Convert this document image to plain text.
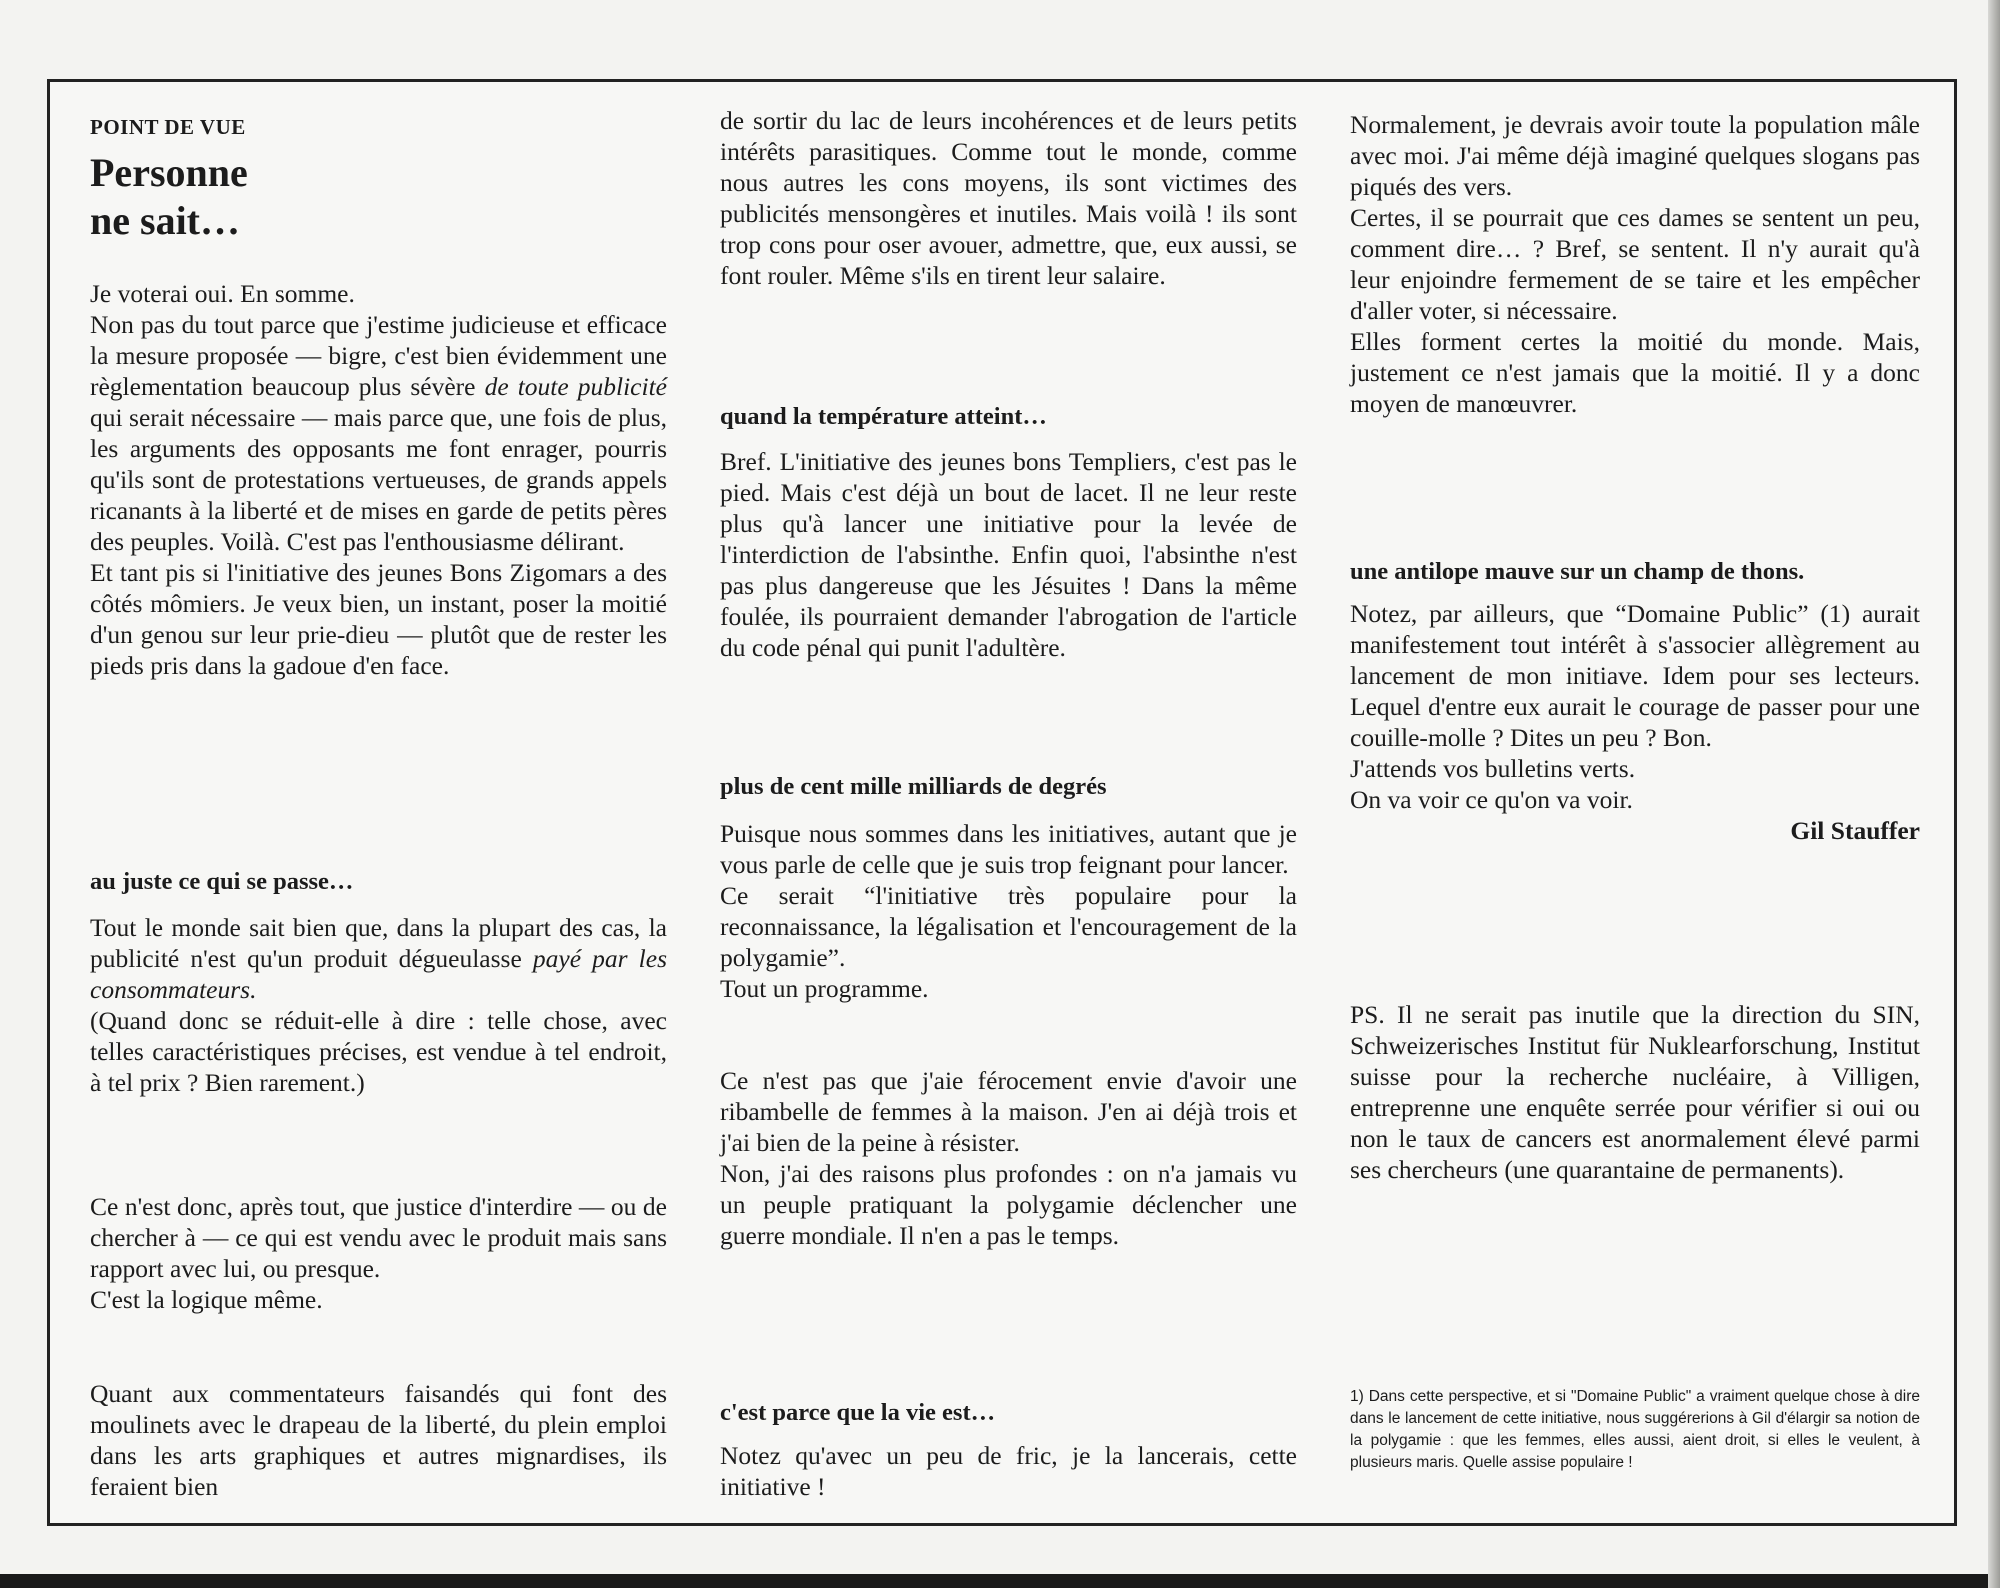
POINT DE VUE

Personne
ne sait…

Je voterai oui. En somme.

Non pas du tout parce que j'estime judicieuse et efficace la mesure proposée — bigre, c'est bien évidemment une règlementation beaucoup plus sévère de toute publicité qui serait nécessaire — mais parce que, une fois de plus, les arguments des opposants me font enrager, pourris qu'ils sont de protestations vertueuses, de grands appels ricanants à la liberté et de mises en garde de petits pères des peuples. Voilà. C'est pas l'enthousiasme délirant.

Et tant pis si l'initiative des jeunes Bons Zigomars a des côtés mômiers. Je veux bien, un instant, poser la moitié d'un genou sur leur prie-dieu — plutôt que de rester les pieds pris dans la gadoue d'en face.

au juste ce qui se passe…

Tout le monde sait bien que, dans la plupart des cas, la publicité n'est qu'un produit dégueulasse payé par les consommateurs.

(Quand donc se réduit-elle à dire : telle chose, avec telles caractéristiques précises, est vendue à tel endroit, à tel prix ? Bien rarement.)

Ce n'est donc, après tout, que justice d'interdire — ou de chercher à — ce qui est vendu avec le produit mais sans rapport avec lui, ou presque.

C'est la logique même.

Quant aux commentateurs faisandés qui font des moulinets avec le drapeau de la liberté, du plein emploi dans les arts graphiques et autres mignardises, ils feraient bien

de sortir du lac de leurs incohérences et de leurs petits intérêts parasitiques. Comme tout le monde, comme nous autres les cons moyens, ils sont victimes des publicités mensongères et inutiles. Mais voilà ! ils sont trop cons pour oser avouer, admettre, que, eux aussi, se font rouler. Même s'ils en tirent leur salaire.

quand la température atteint…

Bref. L'initiative des jeunes bons Templiers, c'est pas le pied. Mais c'est déjà un bout de lacet. Il ne leur reste plus qu'à lancer une initiative pour la levée de l'interdiction de l'absinthe. Enfin quoi, l'absinthe n'est pas plus dangereuse que les Jésuites ! Dans la même foulée, ils pourraient demander l'abrogation de l'article du code pénal qui punit l'adultère.

plus de cent mille milliards de degrés

Puisque nous sommes dans les initiatives, autant que je vous parle de celle que je suis trop feignant pour lancer.

Ce serait “l'initiative très populaire pour la reconnaissance, la légalisation et l'encouragement de la polygamie”.

Tout un programme.

Ce n'est pas que j'aie férocement envie d'avoir une ribambelle de femmes à la maison. J'en ai déjà trois et j'ai bien de la peine à résister.

Non, j'ai des raisons plus profondes : on n'a jamais vu un peuple pratiquant la polygamie déclencher une guerre mondiale. Il n'en a pas le temps.

c'est parce que la vie est…

Notez qu'avec un peu de fric, je la lancerais, cette initiative !

Normalement, je devrais avoir toute la population mâle avec moi. J'ai même déjà imaginé quelques slogans pas piqués des vers.

Certes, il se pourrait que ces dames se sentent un peu, comment dire… ? Bref, se sentent. Il n'y aurait qu'à leur enjoindre fermement de se taire et les empêcher d'aller voter, si nécessaire.

Elles forment certes la moitié du monde. Mais, justement ce n'est jamais que la moitié. Il y a donc moyen de manœuvrer.

une antilope mauve sur un champ de thons.

Notez, par ailleurs, que “Domaine Public” (1) aurait manifestement tout intérêt à s'associer allègrement au lancement de mon initiave. Idem pour ses lecteurs. Lequel d'entre eux aurait le courage de passer pour une couille-molle ? Dites un peu ? Bon.

J'attends vos bulletins verts.

On va voir ce qu'on va voir.

Gil Stauffer

PS. Il ne serait pas inutile que la direction du SIN, Schweizerisches Institut für Nuklearforschung, Institut suisse pour la recherche nucléaire, à Villigen, entreprenne une enquête serrée pour vérifier si oui ou non le taux de cancers est anormalement élevé parmi ses chercheurs (une quarantaine de permanents).

1) Dans cette perspective, et si "Domaine Public" a vraiment quelque chose à dire dans le lancement de cette initiative, nous suggérerions à Gil d'élargir sa notion de la polygamie : que les femmes, elles aussi, aient droit, si elles le veulent, à plusieurs maris. Quelle assise populaire !
